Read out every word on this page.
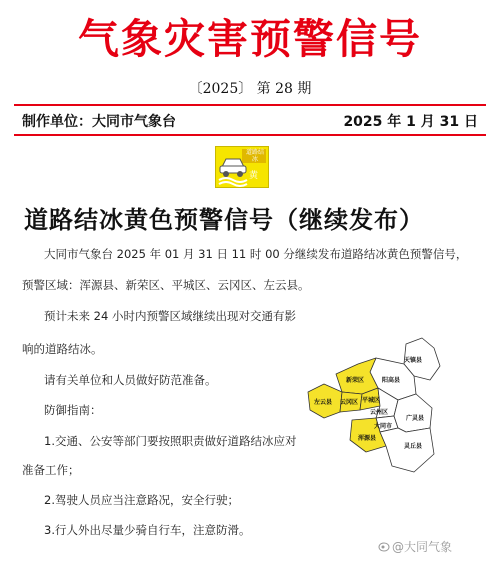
气象灾害预警信号
〔2025〕 第 28 期
制作单位：大同市气象台	2025 年 1 月 31 日
黄
道路结冰
道路结冰黄色预警信号（继续发布）
大同市气象台 2025 年 01 月 31 日 11 时 00 分继续发布道路结冰黄色预警信号，
预警区域：浑源县、新荣区、平城区、云冈区、左云县。
预计未来 24 小时内预警区域继续出现对交通有影
响的道路结冰。
请有关单位和人员做好防范准备。
防御指南：
1.交通、公安等部门要按照职责做好道路结冰应对
准备工作；
2.驾驶人员应当注意路况，安全行驶；
3.行人外出尽量少骑自行车，注意防滑。
天镇县
阳高县
新荣区
左云县	平城区
云冈区
云州区
大同市
浑源县
广灵县
灵丘县
@大同气象
